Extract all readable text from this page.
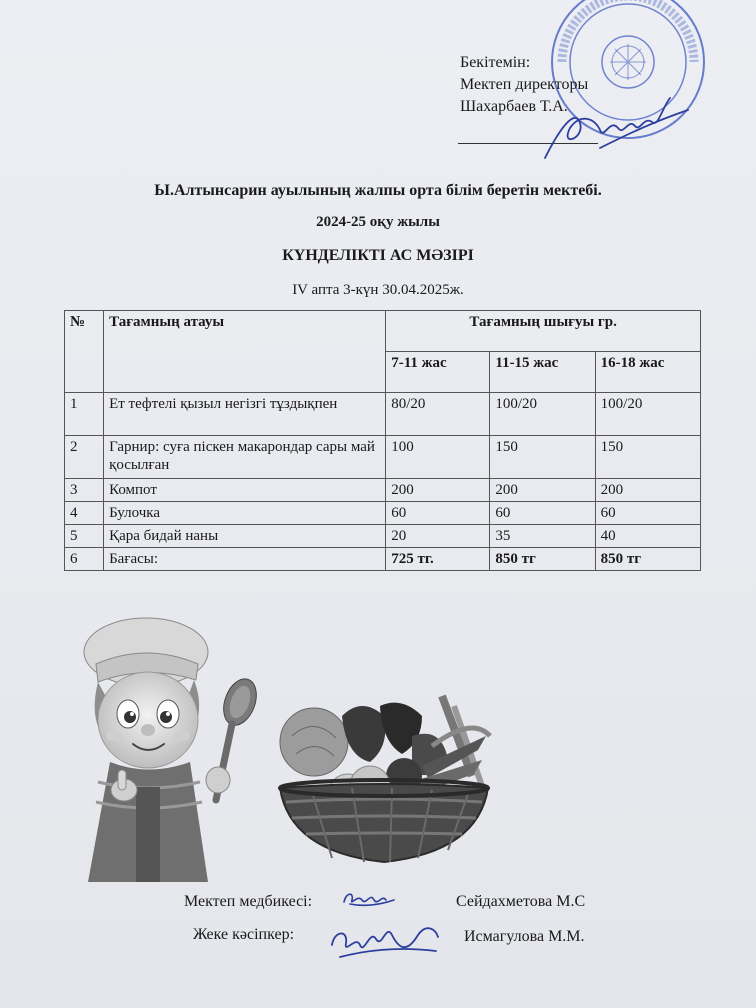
Бекітемін:
Мектеп директоры
Шахарбаев Т.А.
Ы.Алтынсарин ауылының жалпы орта білім беретін мектебі.
2024-25 оқу жылы
КҮНДЕЛІКТІ АС МӘЗІРІ
IV апта 3-күн 30.04.2025ж.
№	Тағамның атауы	Тағамның шығуы гр.		
		7-11 жас	11-15 жас	16-18 жас
1	Ет тефтелі қызыл негізгі тұздықпен	80/20	100/20	100/20
2	Гарнир: суға піскен макарондар сары май қосылған	100	150	150
3	Компот	200	200	200
4	Булочка	60	60	60
5	Қара бидай наны	20	35	40
6	Бағасы:	725 тг.	850 тг	850 тг
Мектеп медбикесі:	Сейдахметова М.С
Жеке кәсіпкер:	Исмагулова М.М.
